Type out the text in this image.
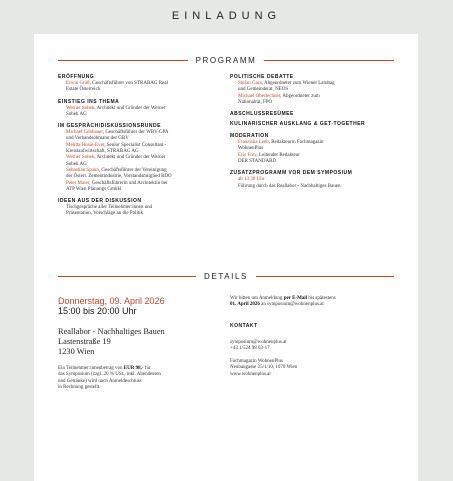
EINLADUNG
PROGRAMM
ERÖFFNUNG
Erwin Größ, Geschäftsführer von STRABAG Real
Estate Österreich
EINSTIEG INS THEMA
Werner Sobek, Architekt und Gründer der Werner
Sobek AG
IM GESPRÄCH/DISKUSSIONSRUNDE
Michael Gehbauer, Geschäftsführer der WBV-GPA
und Verbandsobmann der GBV
Melitta Hosie-Ever, Senior Specialist Consultant -
Kreislaufwirtschaft, STRABAG AG
Werner Sobek, Architekt und Gründer der Werner
Sobek AG
Sebastian Spaun, Geschäftsführer der Vereinigung
der Österr. Zementindustrie, Vorstandsmitglied BDO
Peter Maier, Geschäftsführerin und Architektin bei
ATP Wien Planungs GmbH
IDEEN AUS DER DISKUSSION
Tischgespräche aller Teilnehmer:innen und
Präsentation, Vorschläge an die Politik
POLITISCHE DEBATTE
Stefan Gara, Abgeordneter zum Wiener Landtag
und Gemeinderat, NEOS
Michael Oberlechner, Abgeordneter zum
Nationalrat, FPÖ
ABSCHLUSSRESÜMEE
KULINARISCHER AUSKLANG & GET-TOGETHER
MODERATION
Franziska Leeb, Redakteurin Fachmagazin
WohnenPlus
Eric Frey, Leitender Redakteur
DER STANDARD
ZUSATZPROGRAMM VOR DEM SYMPOSIUM
ab 13:30 Uhr
Führung durch das Reallabor - Nachhaltiges Bauen
DETAILS
Donnerstag, 09. April 2026
15:00 bis 20:00 Uhr
Reallabor - Nachhaltiges Bauen
Lastenstraße 19
1230 Wien
Ein Teilnehmer:innenbetrag von EUR 98,- für
das Symposium (zzgl. 20 % USt., inkl. Abendessen
und Getränke) wird nach Anmeldeschluss
in Rechnung gestellt.
Wir bitten um Anmeldung per E-Mail bis spätestens
01. April 2026 an symposium@wohnenplus.at
KONTAKT
symposium@wohnenplus.at
+43 1/524 98 03-17
Fachmagazin WohnenPlus
Neubaugasse 25/1/10, 1070 Wien
www.wohnenplus.at
